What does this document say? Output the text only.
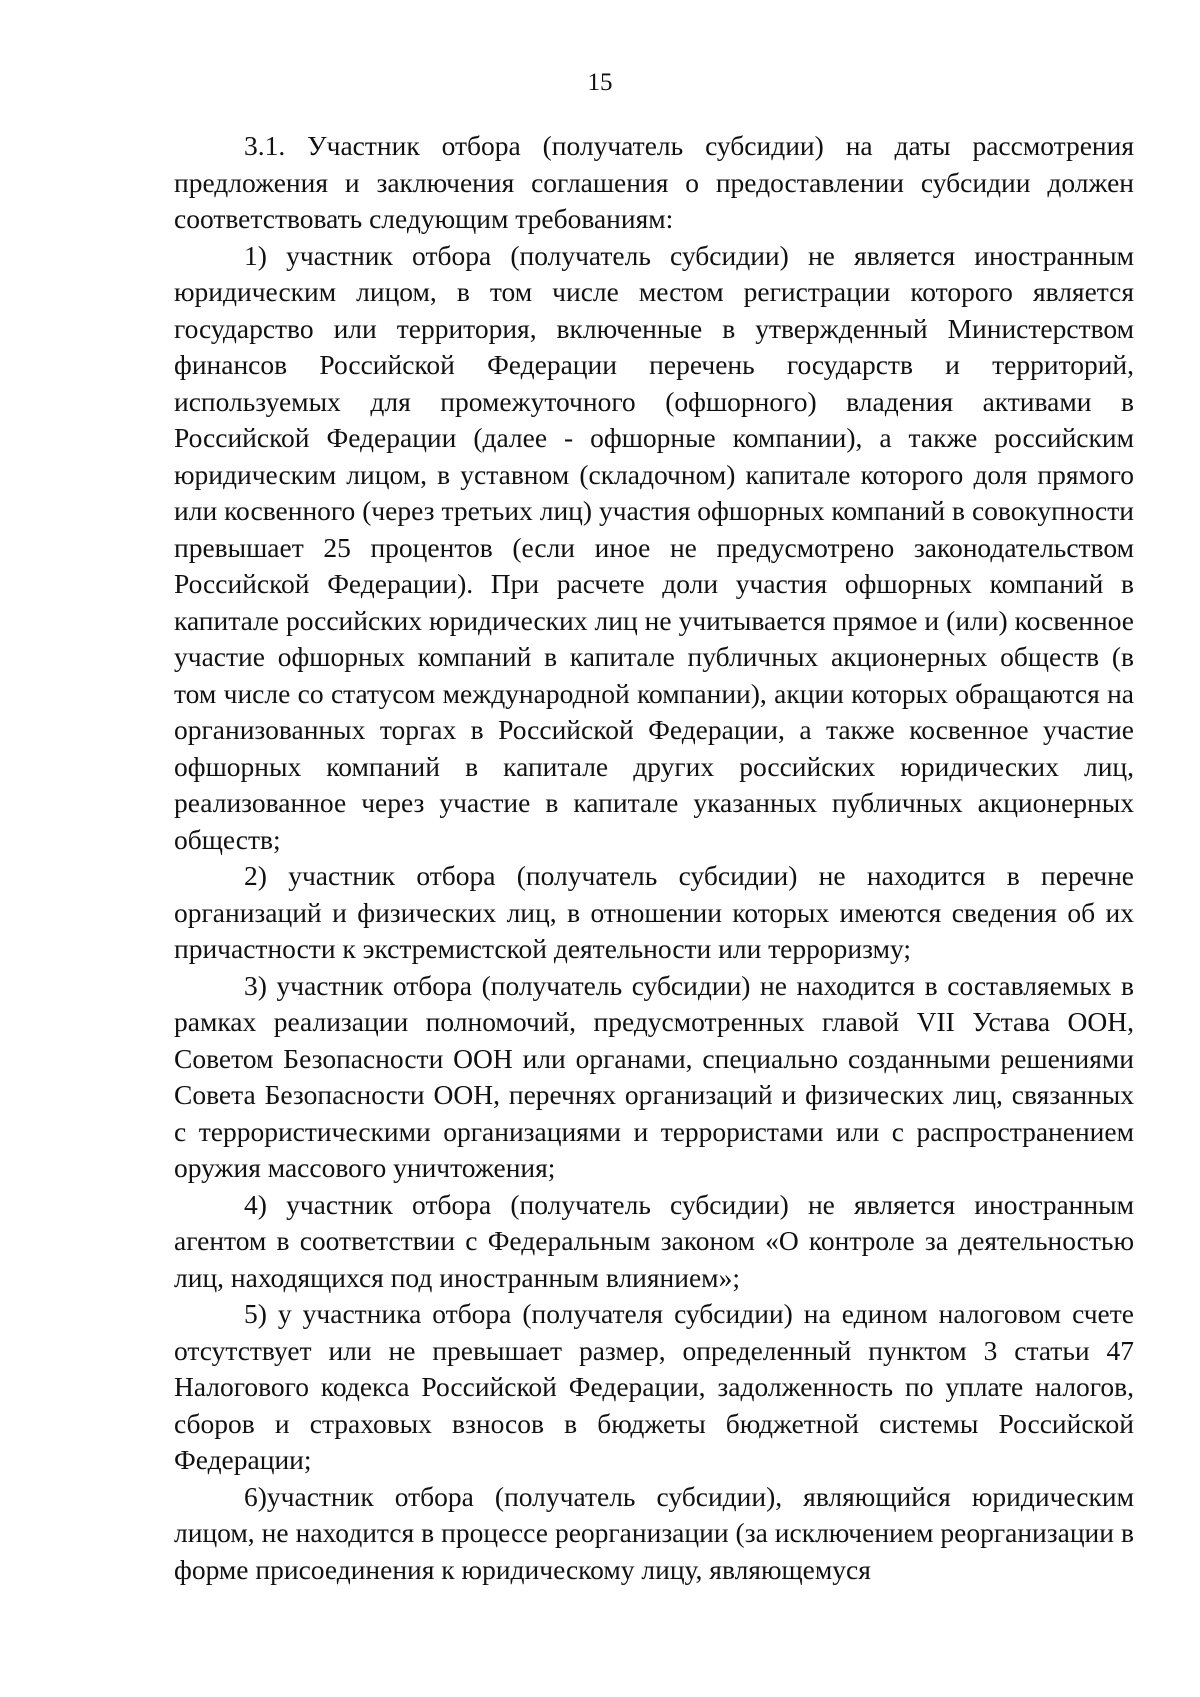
15

3.1. Участник отбора (получатель субсидии) на даты рассмотрения предложения и заключения соглашения о предоставлении субсидии должен соответствовать следующим требованиям:

1) участник отбора (получатель субсидии) не является иностранным юридическим лицом, в том числе местом регистрации которого является государство или территория, включенные в утвержденный Министерством финансов Российской Федерации перечень государств и территорий, используемых для промежуточного (офшорного) владения активами в Российской Федерации (далее - офшорные компании), а также российским юридическим лицом, в уставном (складочном) капитале которого доля прямого или косвенного (через третьих лиц) участия офшорных компаний в совокупности превышает 25 процентов (если иное не предусмотрено законодательством Российской Федерации). При расчете доли участия офшорных компаний в капитале российских юридических лиц не учитывается прямое и (или) косвенное участие офшорных компаний в капитале публичных акционерных обществ (в том числе со статусом международной компании), акции которых обращаются на организованных торгах в Российской Федерации, а также косвенное участие офшорных компаний в капитале других российских юридических лиц, реализованное через участие в капитале указанных публичных акционерных обществ;

2) участник отбора (получатель субсидии) не находится в перечне организаций и физических лиц, в отношении которых имеются сведения об их причастности к экстремистской деятельности или терроризму;

3) участник отбора (получатель субсидии) не находится в составляемых в рамках реализации полномочий, предусмотренных главой VII Устава ООН, Советом Безопасности ООН или органами, специально созданными решениями Совета Безопасности ООН, перечнях организаций и физических лиц, связанных с террористическими организациями и террористами или с распространением оружия массового уничтожения;

4) участник отбора (получатель субсидии) не является иностранным агентом в соответствии с Федеральным законом «О контроле за деятельностью лиц, находящихся под иностранным влиянием»;

5) у участника отбора (получателя субсидии) на едином налоговом счете отсутствует или не превышает размер, определенный пунктом 3 статьи 47 Налогового кодекса Российской Федерации, задолженность по уплате налогов, сборов и страховых взносов в бюджеты бюджетной системы Российской Федерации;

6)участник отбора (получатель субсидии), являющийся юридическим лицом, не находится в процессе реорганизации (за исключением реорганизации в форме присоединения к юридическому лицу, являющемуся
